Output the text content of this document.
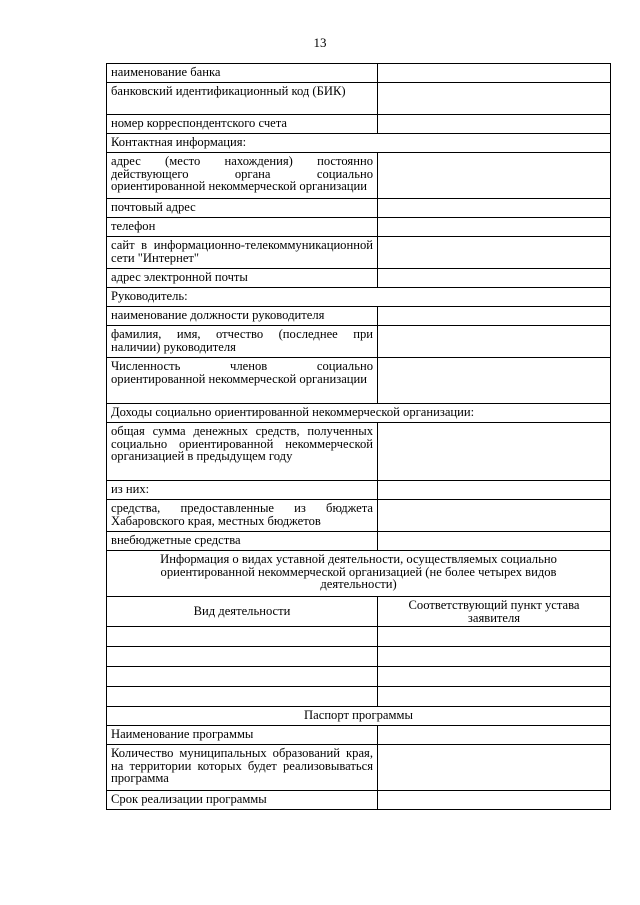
13
наименование банка	
банковский идентификационный код (БИК)	
номер корреспондентского счета	
Контактная информация:	
адрес (место нахождения) постоянно действующего органа социально ориентированной некоммерческой организации	
почтовый адрес	
телефон	
сайт в информационно-телекоммуникационной сети "Интернет"	
адрес электронной почты	
Руководитель:	
наименование должности руководителя	
фамилия, имя, отчество (последнее при наличии) руководителя	
Численность членов социально ориентированной некоммерческой организации	
Доходы социально ориентированной некоммерческой организации:	
общая сумма денежных средств, полученных социально ориентированной некоммерческой организацией в предыдущем году	
из них:	
средства, предоставленные из бюджета Хабаровского края, местных бюджетов	
внебюджетные средства	
Информация о видах уставной деятельности, осуществляемых социально ориентированной некоммерческой организацией (не более четырех видов деятельности)	
Вид деятельности	Соответствующий пункт устава заявителя

Паспорт программы	
Наименование программы	
Количество муниципальных образований края, на территории которых будет реализовываться программа	
Срок реализации программы	
